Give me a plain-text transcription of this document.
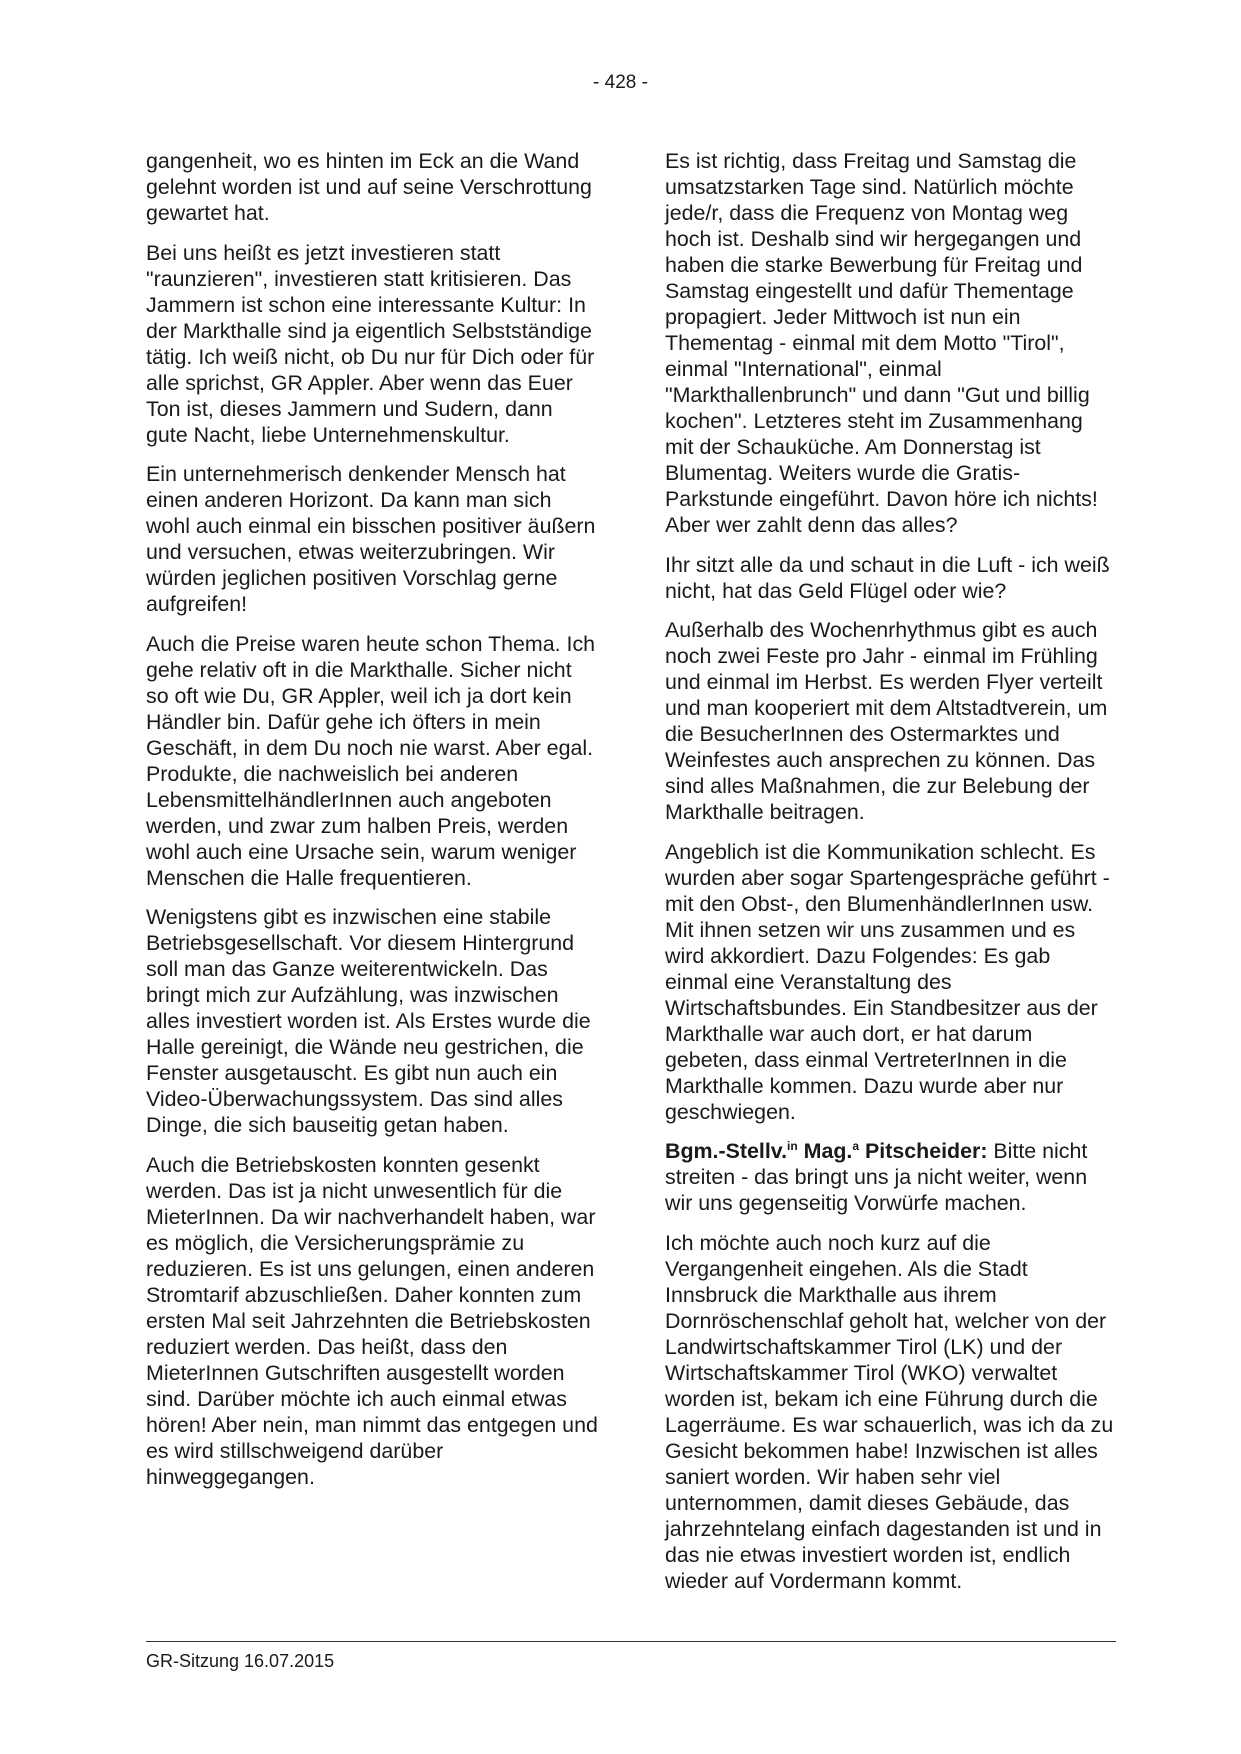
- 428 -

gangenheit, wo es hinten im Eck an die Wand gelehnt worden ist und auf seine Verschrottung gewartet hat.

Bei uns heißt es jetzt investieren statt "raunzieren", investieren statt kritisieren. Das Jammern ist schon eine interessante Kultur: In der Markthalle sind ja eigentlich Selbstständige tätig. Ich weiß nicht, ob Du nur für Dich oder für alle sprichst, GR Appler. Aber wenn das Euer Ton ist, dieses Jammern und Sudern, dann gute Nacht, liebe Unternehmenskultur.

Ein unternehmerisch denkender Mensch hat einen anderen Horizont. Da kann man sich wohl auch einmal ein bisschen positiver äußern und versuchen, etwas weiterzubringen. Wir würden jeglichen positiven Vorschlag gerne aufgreifen!

Auch die Preise waren heute schon Thema. Ich gehe relativ oft in die Markthalle. Sicher nicht so oft wie Du, GR Appler, weil ich ja dort kein Händler bin. Dafür gehe ich öfters in mein Geschäft, in dem Du noch nie warst. Aber egal. Produkte, die nachweislich bei anderen LebensmittelhändlerInnen auch angeboten werden, und zwar zum halben Preis, werden wohl auch eine Ursache sein, warum weniger Menschen die Halle frequentieren.

Wenigstens gibt es inzwischen eine stabile Betriebsgesellschaft. Vor diesem Hintergrund soll man das Ganze weiterentwickeln. Das bringt mich zur Aufzählung, was inzwischen alles investiert worden ist. Als Erstes wurde die Halle gereinigt, die Wände neu gestrichen, die Fenster ausgetauscht. Es gibt nun auch ein Video-Überwachungssystem. Das sind alles Dinge, die sich bauseitig getan haben.

Auch die Betriebskosten konnten gesenkt werden. Das ist ja nicht unwesentlich für die MieterInnen. Da wir nachverhandelt haben, war es möglich, die Versicherungsprämie zu reduzieren. Es ist uns gelungen, einen anderen Stromtarif abzuschließen. Daher konnten zum ersten Mal seit Jahrzehnten die Betriebskosten reduziert werden. Das heißt, dass den MieterInnen Gutschriften ausgestellt worden sind. Darüber möchte ich auch einmal etwas hören! Aber nein, man nimmt das entgegen und es wird stillschweigend darüber hinweggegangen.

Es ist richtig, dass Freitag und Samstag die umsatzstarken Tage sind. Natürlich möchte jede/r, dass die Frequenz von Montag weg hoch ist. Deshalb sind wir hergegangen und haben die starke Bewerbung für Freitag und Samstag eingestellt und dafür Thementage propagiert. Jeder Mittwoch ist nun ein Thementag - einmal mit dem Motto "Tirol", einmal "International", einmal "Markthallenbrunch" und dann "Gut und billig kochen". Letzteres steht im Zusammenhang mit der Schauküche. Am Donnerstag ist Blumentag. Weiters wurde die Gratis-Parkstunde eingeführt. Davon höre ich nichts! Aber wer zahlt denn das alles?

Ihr sitzt alle da und schaut in die Luft - ich weiß nicht, hat das Geld Flügel oder wie?

Außerhalb des Wochenrhythmus gibt es auch noch zwei Feste pro Jahr - einmal im Frühling und einmal im Herbst. Es werden Flyer verteilt und man kooperiert mit dem Altstadtverein, um die BesucherInnen des Ostermarktes und Weinfestes auch ansprechen zu können. Das sind alles Maßnahmen, die zur Belebung der Markthalle beitragen.

Angeblich ist die Kommunikation schlecht. Es wurden aber sogar Spartengespräche geführt - mit den Obst-, den BlumenhändlerInnen usw. Mit ihnen setzen wir uns zusammen und es wird akkordiert. Dazu Folgendes: Es gab einmal eine Veranstaltung des Wirtschaftsbundes. Ein Standbesitzer aus der Markthalle war auch dort, er hat darum gebeten, dass einmal VertreterInnen in die Markthalle kommen. Dazu wurde aber nur geschwiegen.

Bgm.-Stellv.$^{in}$ Mag.$^a$ Pitscheider: Bitte nicht streiten - das bringt uns ja nicht weiter, wenn wir uns gegenseitig Vorwürfe machen.

Ich möchte auch noch kurz auf die Vergangenheit eingehen. Als die Stadt Innsbruck die Markthalle aus ihrem Dornröschenschlaf geholt hat, welcher von der Landwirtschaftskammer Tirol (LK) und der Wirtschaftskammer Tirol (WKO) verwaltet worden ist, bekam ich eine Führung durch die Lagerräume. Es war schauerlich, was ich da zu Gesicht bekommen habe! Inzwischen ist alles saniert worden. Wir haben sehr viel unternommen, damit dieses Gebäude, das jahrzehntelang einfach dagestanden ist und in das nie etwas investiert worden ist, endlich wieder auf Vordermann kommt.

GR-Sitzung 16.07.2015
